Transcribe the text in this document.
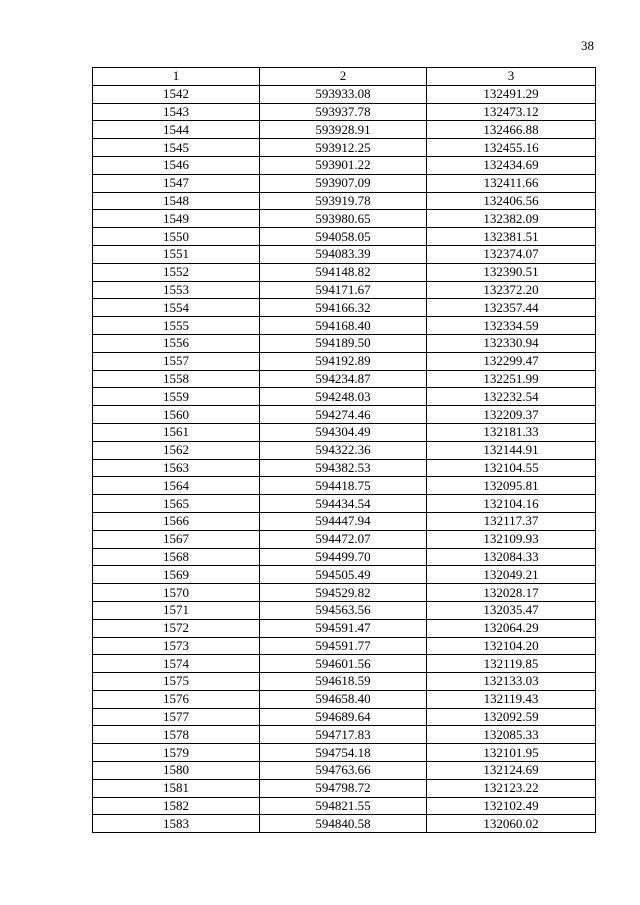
38
1	2	3
1542	593933.08	132491.29
1543	593937.78	132473.12
1544	593928.91	132466.88
1545	593912.25	132455.16
1546	593901.22	132434.69
1547	593907.09	132411.66
1548	593919.78	132406.56
1549	593980.65	132382.09
1550	594058.05	132381.51
1551	594083.39	132374.07
1552	594148.82	132390.51
1553	594171.67	132372.20
1554	594166.32	132357.44
1555	594168.40	132334.59
1556	594189.50	132330.94
1557	594192.89	132299.47
1558	594234.87	132251.99
1559	594248.03	132232.54
1560	594274.46	132209.37
1561	594304.49	132181.33
1562	594322.36	132144.91
1563	594382.53	132104.55
1564	594418.75	132095.81
1565	594434.54	132104.16
1566	594447.94	132117.37
1567	594472.07	132109.93
1568	594499.70	132084.33
1569	594505.49	132049.21
1570	594529.82	132028.17
1571	594563.56	132035.47
1572	594591.47	132064.29
1573	594591.77	132104.20
1574	594601.56	132119.85
1575	594618.59	132133.03
1576	594658.40	132119.43
1577	594689.64	132092.59
1578	594717.83	132085.33
1579	594754.18	132101.95
1580	594763.66	132124.69
1581	594798.72	132123.22
1582	594821.55	132102.49
1583	594840.58	132060.02
